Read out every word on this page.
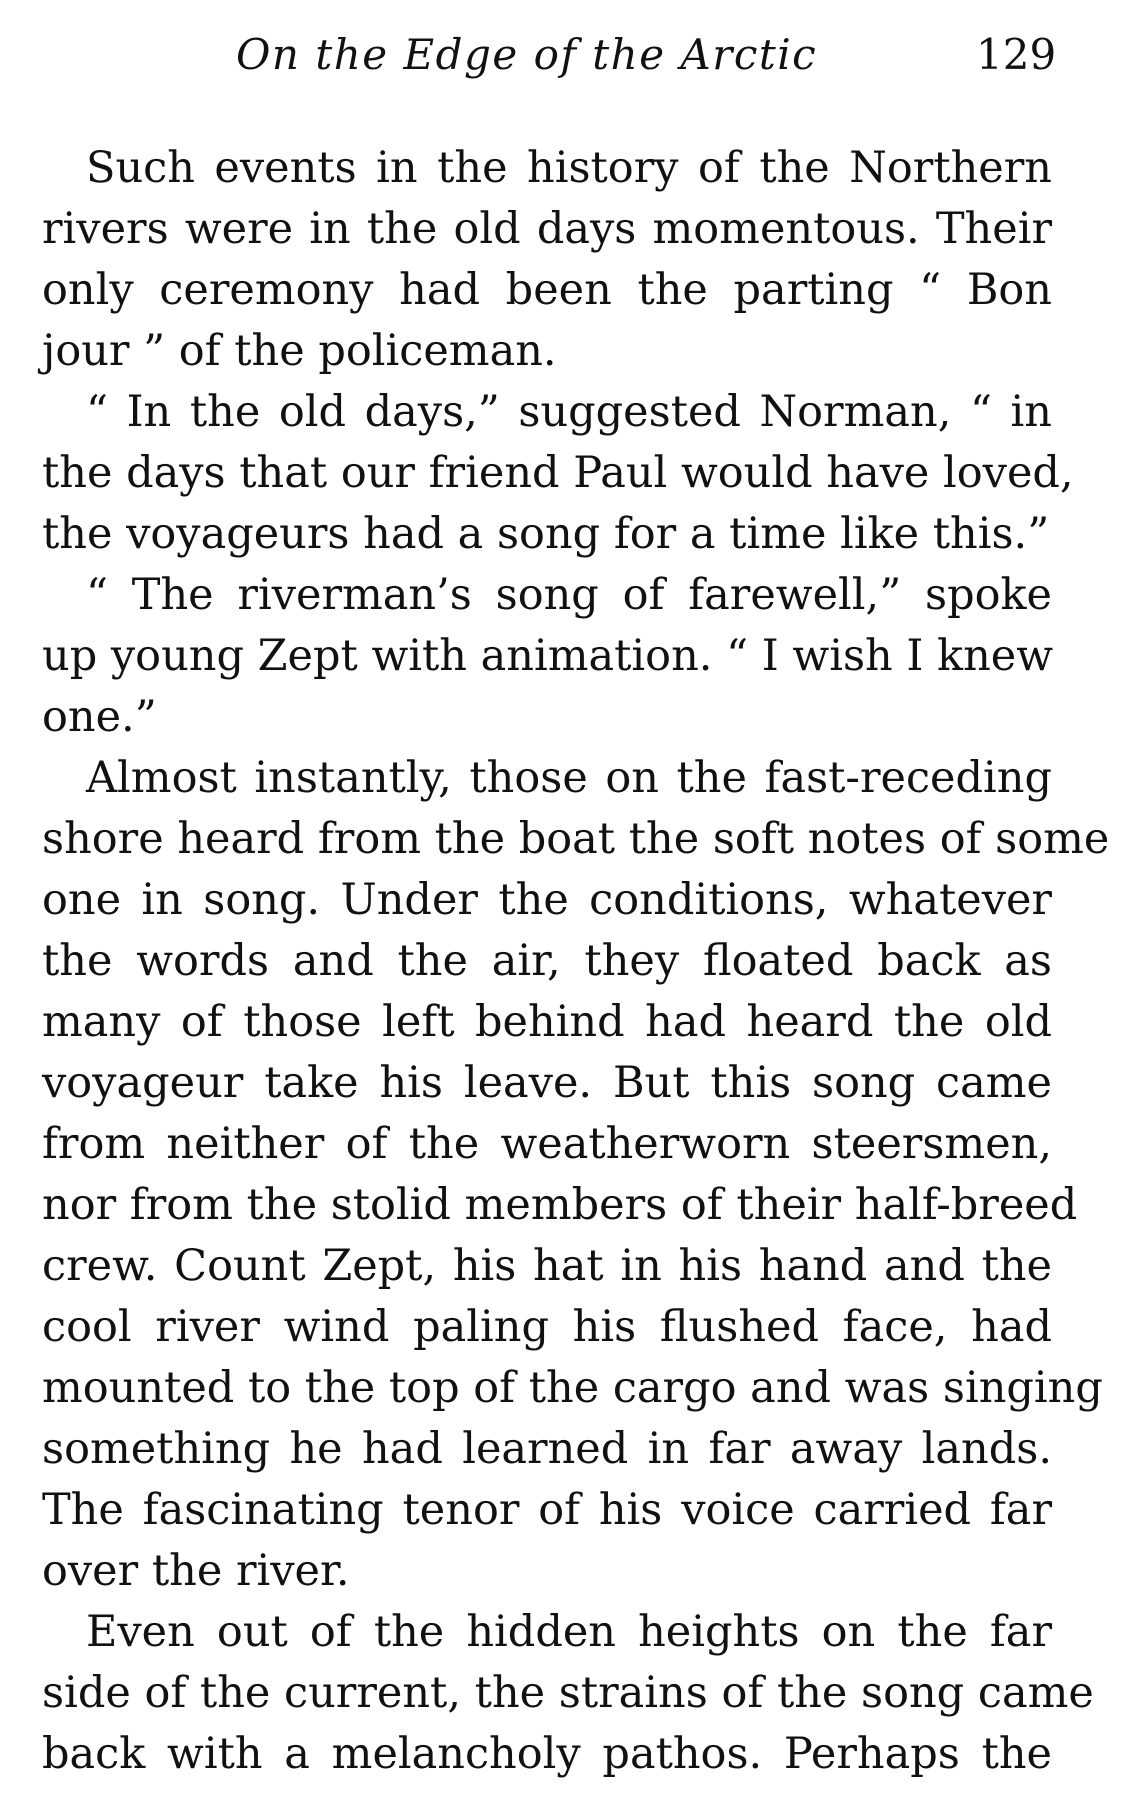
On the Edge of the Arctic	129
Such events in the history of the Northern
rivers were in the old days momentous. Their
only ceremony had been the parting “ Bon
jour ” of the policeman.
“ In the old days,” suggested Norman, “ in
the days that our friend Paul would have loved,
the voyageurs had a song for a time like this.”
“ The riverman’s song of farewell,” spoke
up young Zept with animation. “ I wish I knew
one.”
Almost instantly, those on the fast-receding
shore heard from the boat the soft notes of some
one in song. Under the conditions, whatever
the words and the air, they floated back as
many of those left behind had heard the old
voyageur take his leave. But this song came
from neither of the weatherworn steersmen,
nor from the stolid members of their half-breed
crew. Count Zept, his hat in his hand and the
cool river wind paling his flushed face, had
mounted to the top of the cargo and was singing
something he had learned in far away lands.
The fascinating tenor of his voice carried far
over the river.
Even out of the hidden heights on the far
side of the current, the strains of the song came
back with a melancholy pathos. Perhaps the
